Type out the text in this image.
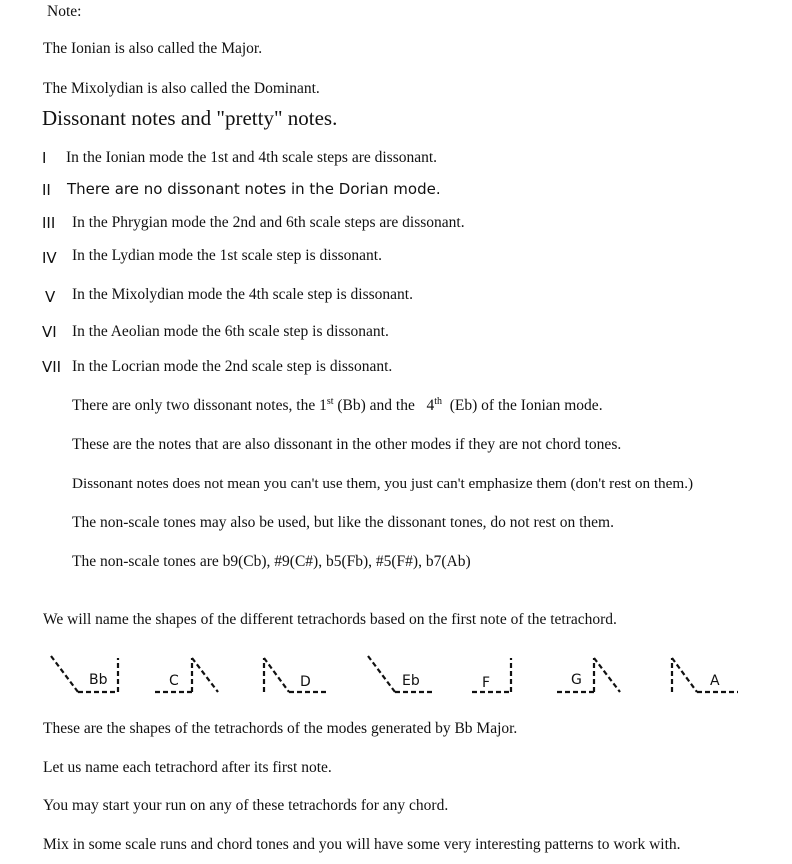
Note:
The Ionian is also called the Major.
The Mixolydian is also called the Dominant.
Dissonant notes and "pretty" notes.
I In the Ionian mode the 1st and 4th scale steps are dissonant.
II There are no dissonant notes in the Dorian mode.
III In the Phrygian mode the 2nd and 6th scale steps are dissonant.
IV In the Lydian mode the 1st scale step is dissonant.
V In the Mixolydian mode the 4th scale step is dissonant.
VI In the Aeolian mode the 6th scale step is dissonant.
VII In the Locrian mode the 2nd scale step is dissonant.
There are only two dissonant notes, the 1st (Bb) and the   4th  (Eb) of the Ionian mode.
These are the notes that are also dissonant in the other modes if they are not chord tones.
Dissonant notes does not mean you can't use them, you just can't emphasize them (don't rest on them.)
The non-scale tones may also be used, but like the dissonant tones, do not rest on them.
The non-scale tones are b9(Cb), #9(C#), b5(Fb), #5(F#), b7(Ab)
We will name the shapes of the different tetrachords based on the first note of the tetrachord.
Bb	C	D	Eb	F	G	A
These are the shapes of the tetrachords of the modes generated by Bb Major.
Let us name each tetrachord after its first note.
You may start your run on any of these tetrachords for any chord.
Mix in some scale runs and chord tones and you will have some very interesting patterns to work with.
